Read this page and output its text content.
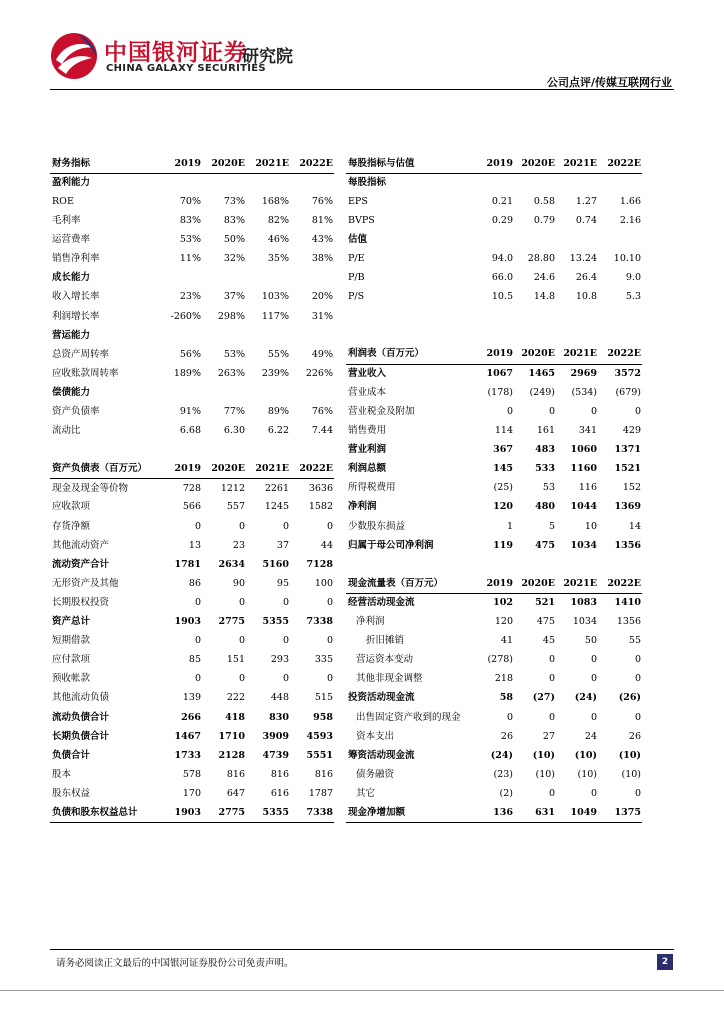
中国银河证券
CHINA GALAXY SECURITIES
研究院
公司点评/传媒互联网行业
财务指标	2019	2020E	2021E	2022E
盈利能力				
ROE	70%	73%	168%	76%
毛利率	83%	83%	82%	81%
运营费率	53%	50%	46%	43%
销售净利率	11%	32%	35%	38%
成长能力				
收入增长率	23%	37%	103%	20%
利润增长率	-260%	298%	117%	31%
营运能力				
总资产周转率	56%	53%	55%	49%
应收账款周转率	189%	263%	239%	226%
偿债能力				
资产负债率	91%	77%	89%	76%
流动比	6.68	6.30	6.22	7.44

资产负债表（百万元）	2019	2020E	2021E	2022E
现金及现金等价物	728	1212	2261	3636
应收款项	566	557	1245	1582
存货净额	0	0	0	0
其他流动资产	13	23	37	44
流动资产合计	1781	2634	5160	7128
无形资产及其他	86	90	95	100
长期股权投资	0	0	0	0
资产总计	1903	2775	5355	7338
短期借款	0	0	0	0
应付款项	85	151	293	335
预收帐款	0	0	0	0
其他流动负债	139	222	448	515
流动负债合计	266	418	830	958
长期负债合计	1467	1710	3909	4593
负债合计	1733	2128	4739	5551
股本	578	816	816	816
股东权益	170	647	616	1787
负债和股东权益总计	1903	2775	5355	7338
每股指标与估值	2019	2020E	2021E	2022E
每股指标				
EPS	0.21	0.58	1.27	1.66
BVPS	0.29	0.79	0.74	2.16
估值				
P/E	94.0	28.80	13.24	10.10
P/B	66.0	24.6	26.4	9.0
P/S	10.5	14.8	10.8	5.3

利润表（百万元）	2019	2020E	2021E	2022E
营业收入	1067	1465	2969	3572
营业成本	(178)	(249)	(534)	(679)
营业税金及附加	0	0	0	0
销售费用	114	161	341	429
营业利润	367	483	1060	1371
利润总额	145	533	1160	1521
所得税费用	(25)	53	116	152
净利润	120	480	1044	1369
少数股东损益	1	5	10	14
归属于母公司净利润	119	475	1034	1356

现金流量表（百万元）	2019	2020E	2021E	2022E
经营活动现金流	102	521	1083	1410
净利润	120	475	1034	1356
折旧摊销	41	45	50	55
营运资本变动	(278)	0	0	0
其他非现金调整	218	0	0	0
投资活动现金流	58	(27)	(24)	(26)
出售固定资产收到的现金	0	0	0	0
资本支出	26	27	24	26
筹资活动现金流	(24)	(10)	(10)	(10)
债务融资	(23)	(10)	(10)	(10)
其它	(2)	0	0	0
现金净增加额	136	631	1049	1375
请务必阅读正文最后的中国银河证券股份公司免责声明。	2
